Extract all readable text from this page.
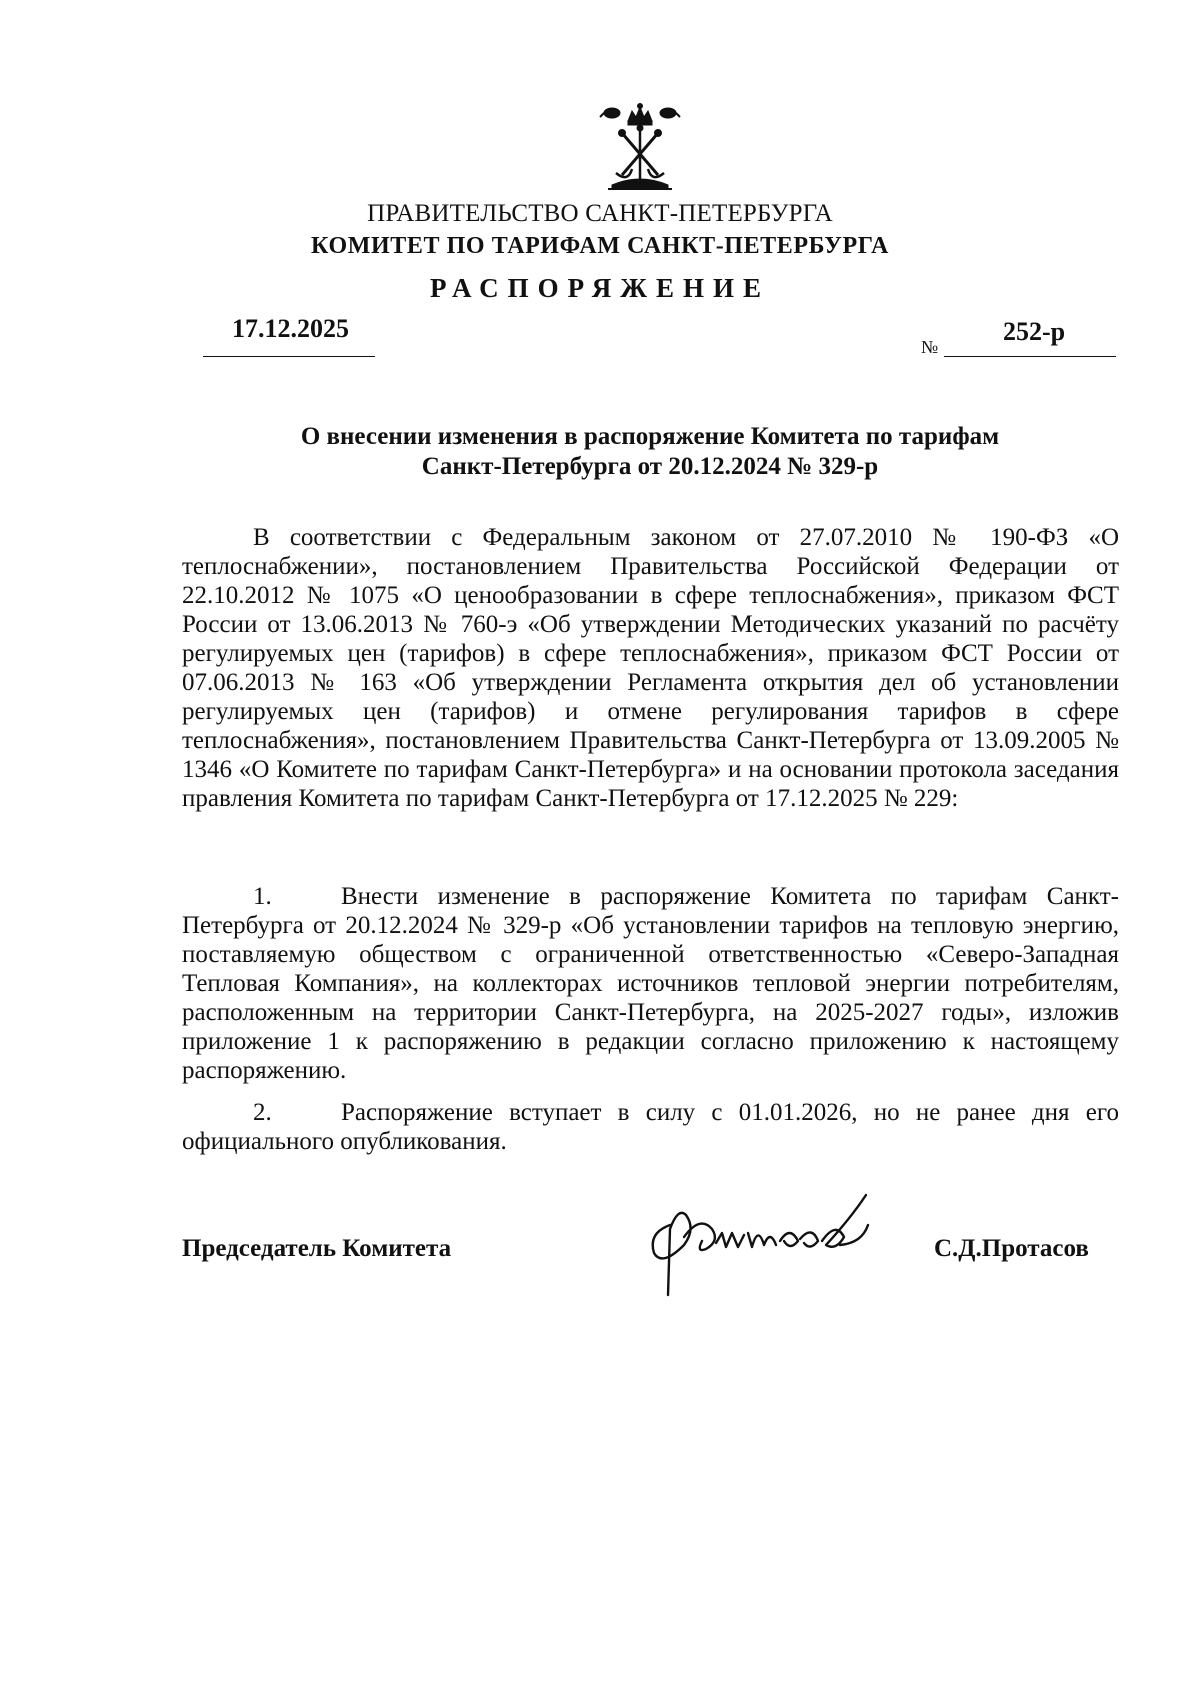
ПРАВИТЕЛЬСТВО САНКТ-ПЕТЕРБУРГА
КОМИТЕТ ПО ТАРИФАМ САНКТ-ПЕТЕРБУРГА
РАСПОРЯЖЕНИЕ
17.12.2025
№
252-р
О внесении изменения в распоряжение Комитета по тарифам
Санкт-Петербурга от 20.12.2024 № 329-р
В соответствии с Федеральным законом от 27.07.2010 № 190-ФЗ «О теплоснабжении», постановлением Правительства Российской Федерации от 22.10.2012 № 1075 «О ценообразовании в сфере теплоснабжения», приказом ФСТ России от 13.06.2013 № 760-э «Об утверждении Методических указаний по расчёту регулируемых цен (тарифов) в сфере теплоснабжения», приказом ФСТ России от 07.06.2013 № 163 «Об утверждении Регламента открытия дел об установлении регулируемых цен (тарифов) и отмене регулирования тарифов в сфере теплоснабжения», постановлением Правительства Санкт-Петербурга от 13.09.2005 № 1346 «О Комитете по тарифам Санкт-Петербурга» и на основании протокола заседания правления Комитета по тарифам Санкт-Петербурга от 17.12.2025 № 229:
1.	Внести изменение в распоряжение Комитета по тарифам Санкт-Петербурга от 20.12.2024 № 329-р «Об установлении тарифов на тепловую энергию, поставляемую обществом с ограниченной ответственностью «Северо-Западная Тепловая Компания», на коллекторах источников тепловой энергии потребителям, расположенным на территории Санкт-Петербурга, на 2025-2027 годы», изложив приложение 1 к распоряжению в редакции согласно приложению к настоящему распоряжению.
2.	Распоряжение вступает в силу с 01.01.2026, но не ранее дня его официального опубликования.
Председатель Комитета	С.Д.Протасов
